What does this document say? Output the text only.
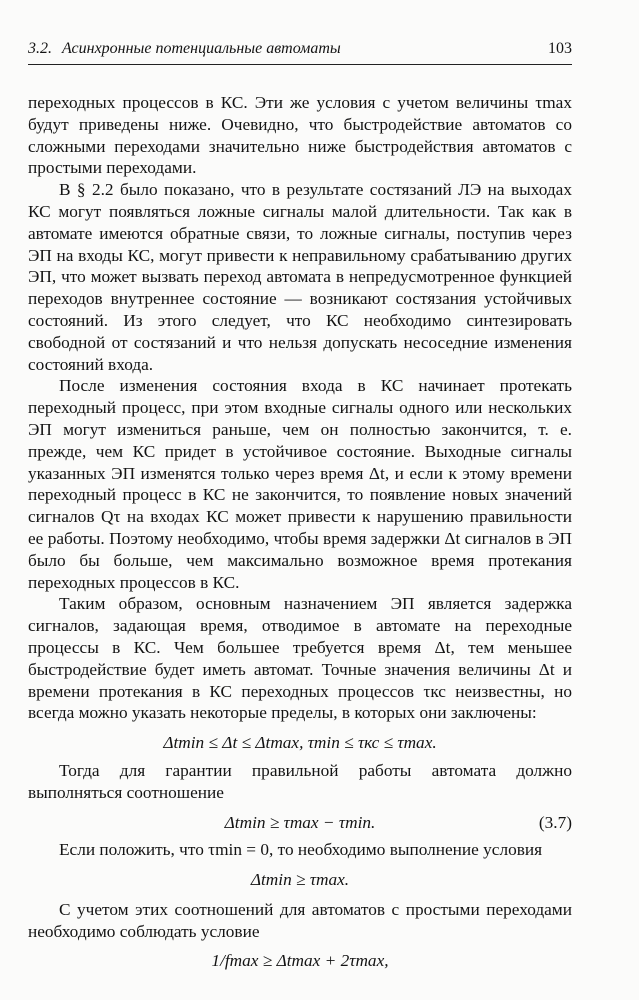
3.2. Асинхронные потенциальные автоматы	103

переходных процессов в КС. Эти же условия с учетом величины τmax будут приведены ниже. Очевидно, что быстродействие автоматов со сложными переходами значительно ниже быстродействия автоматов с простыми переходами.

В § 2.2 было показано, что в результате состязаний ЛЭ на выходах КС могут появляться ложные сигналы малой длительности. Так как в автомате имеются обратные связи, то ложные сигналы, поступив через ЭП на входы КС, могут привести к неправильному срабатыванию других ЭП, что может вызвать переход автомата в непредусмотренное функцией переходов внутреннее состояние — возникают состязания устойчивых состояний. Из этого следует, что КС необходимо синтезировать свободной от состязаний и что нельзя допускать несоседние изменения состояний входа.

После изменения состояния входа в КС начинает протекать переходный процесс, при этом входные сигналы одного или нескольких ЭП могут измениться раньше, чем он полностью закончится, т. е. прежде, чем КС придет в устойчивое состояние. Выходные сигналы указанных ЭП изменятся только через время Δt, и если к этому времени переходный процесс в КС не закончится, то появление новых значений сигналов Qτ на входах КС может привести к нарушению правильности ее работы. Поэтому необходимо, чтобы время задержки Δt сигналов в ЭП было бы больше, чем максимально возможное время протекания переходных процессов в КС.

Таким образом, основным назначением ЭП является задержка сигналов, задающая время, отводимое в автомате на переходные процессы в КС. Чем большее требуется время Δt, тем меньшее быстродействие будет иметь автомат. Точные значения величины Δt и времени протекания в КС переходных процессов τкс неизвестны, но всегда можно указать некоторые пределы, в которых они заключены:

Δtmin ≤ Δt ≤ Δtmax, τmin ≤ τкс ≤ τmax.

Тогда для гарантии правильной работы автомата должно выполняться соотношение

Δtmin ≥ τmax − τmin.	(3.7)

Если положить, что τmin = 0, то необходимо выполнение условия

Δtmin ≥ τmax.

С учетом этих соотношений для автоматов с простыми переходами необходимо соблюдать условие

1/fmax ≥ Δtmax + 2τmax,
